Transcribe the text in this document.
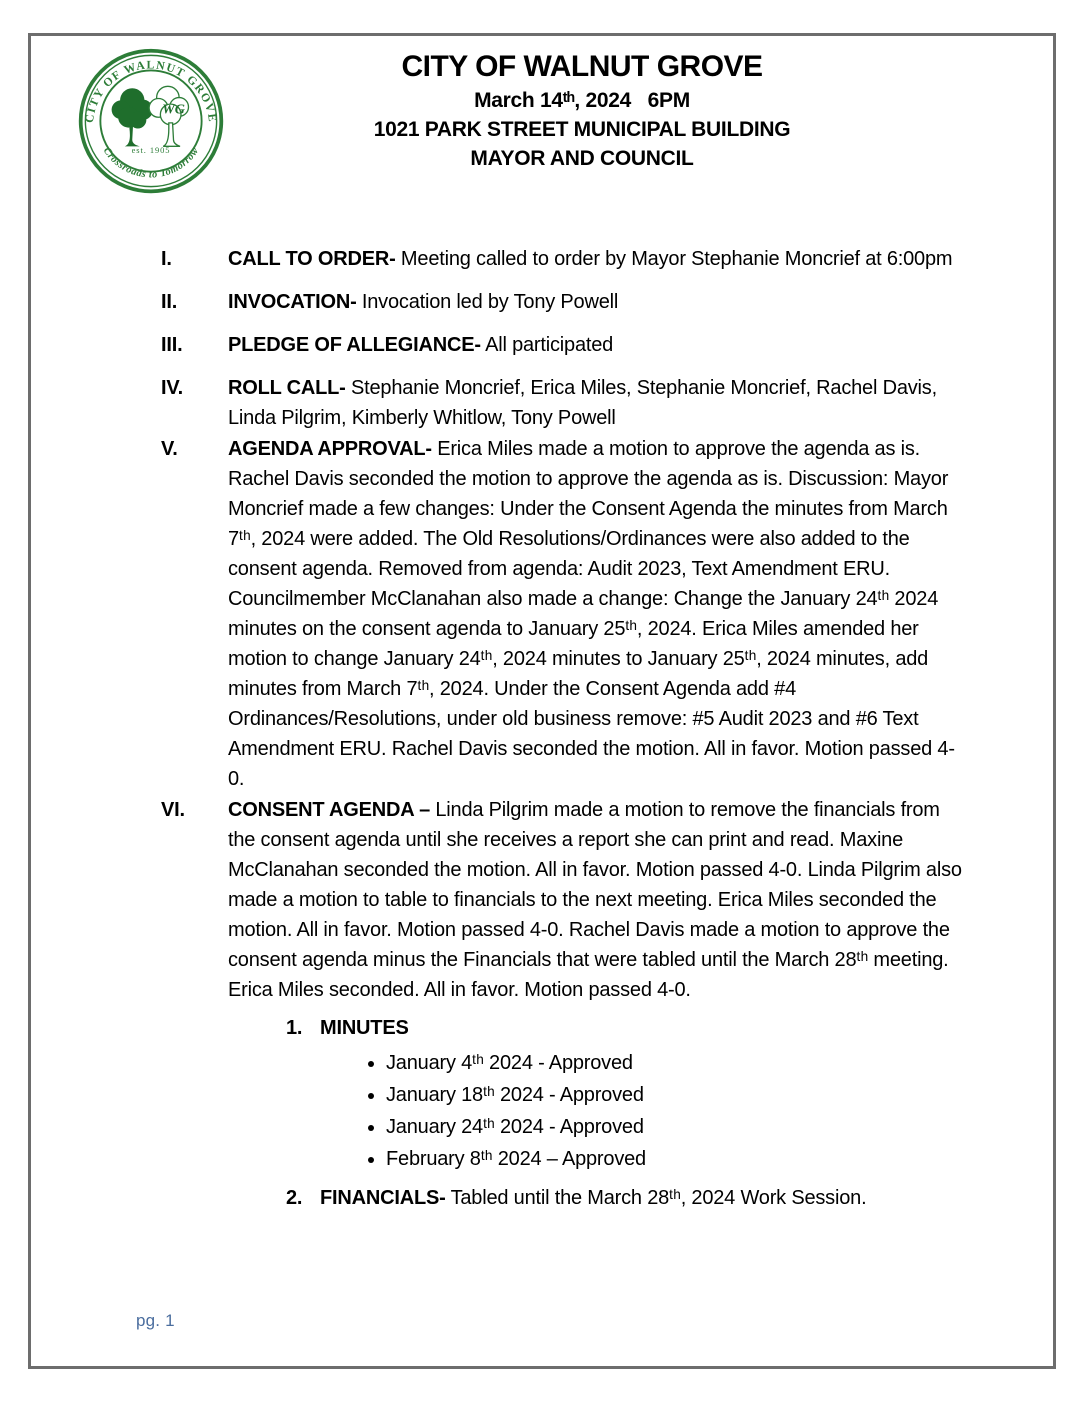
CITY OF WALNUT GROVE
Crossroads to Tomorrow
WG
est. 1905
CITY OF WALNUT GROVE
March 14ᵗʰ, 2024   6PM
1021 PARK STREET MUNICIPAL BUILDING
MAYOR AND COUNCIL
I.	CALL TO ORDER- Meeting called to order by Mayor Stephanie Moncrief at 6:00pm
II.	INVOCATION- Invocation led by Tony Powell
III.	PLEDGE OF ALLEGIANCE- All participated
IV.	ROLL CALL- Stephanie Moncrief, Erica Miles, Stephanie Moncrief, Rachel Davis, Linda Pilgrim, Kimberly Whitlow, Tony Powell
V.	AGENDA APPROVAL- Erica Miles made a motion to approve the agenda as is. Rachel Davis seconded the motion to approve the agenda as is. Discussion: Mayor Moncrief made a few changes: Under the Consent Agenda the minutes from March 7ᵗʰ, 2024 were added. The Old Resolutions/Ordinances were also added to the consent agenda. Removed from agenda: Audit 2023, Text Amendment ERU. Councilmember McClanahan also made a change: Change the January 24ᵗʰ 2024 minutes on the consent agenda to January 25ᵗʰ, 2024. Erica Miles amended her motion to change January 24ᵗʰ, 2024 minutes to January 25ᵗʰ, 2024 minutes, add minutes from March 7ᵗʰ, 2024. Under the Consent Agenda add #4 Ordinances/Resolutions, under old business remove: #5 Audit 2023 and #6 Text Amendment ERU. Rachel Davis seconded the motion. All in favor. Motion passed 4-0.
VI.	CONSENT AGENDA – Linda Pilgrim made a motion to remove the financials from the consent agenda until she receives a report she can print and read. Maxine McClanahan seconded the motion. All in favor. Motion passed 4-0. Linda Pilgrim also made a motion to table to financials to the next meeting. Erica Miles seconded the motion. All in favor. Motion passed 4-0. Rachel Davis made a motion to approve the consent agenda minus the Financials that were tabled until the March 28ᵗʰ meeting. Erica Miles seconded. All in favor. Motion passed 4-0.
1. MINUTES
• January 4ᵗʰ 2024 - Approved
• January 18ᵗʰ 2024 - Approved
• January 24ᵗʰ 2024 - Approved
• February 8ᵗʰ 2024 – Approved
2. FINANCIALS- Tabled until the March 28ᵗʰ, 2024 Work Session.
pg. 1
